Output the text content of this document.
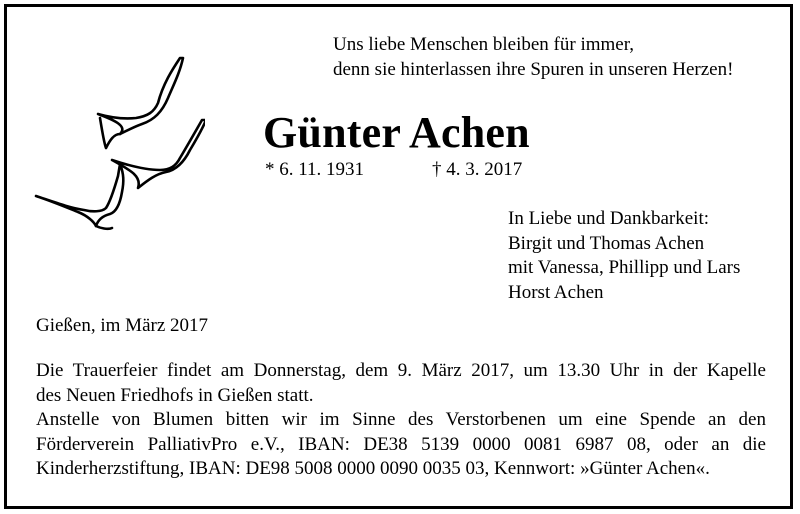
Uns liebe Menschen bleiben für immer,
denn sie hinterlassen ihre Spuren in unseren Herzen!
Günter Achen
* 6. 11. 1931	† 4. 3. 2017
In Liebe und Dankbarkeit:
Birgit und Thomas Achen
mit Vanessa, Phillipp und Lars
Horst Achen
Gießen, im März 2017
Die Trauerfeier findet am Donnerstag, dem 9. März 2017, um 13.30 Uhr in der Kapelle
des Neuen Friedhofs in Gießen statt.
Anstelle von Blumen bitten wir im Sinne des Verstorbenen um eine Spende an den
Förderverein PalliativPro e.V., IBAN: DE38 5139 0000 0081 6987 08, oder an die
Kinderherzstiftung, IBAN: DE98 5008 0000 0090 0035 03, Kennwort: »Günter Achen«.
